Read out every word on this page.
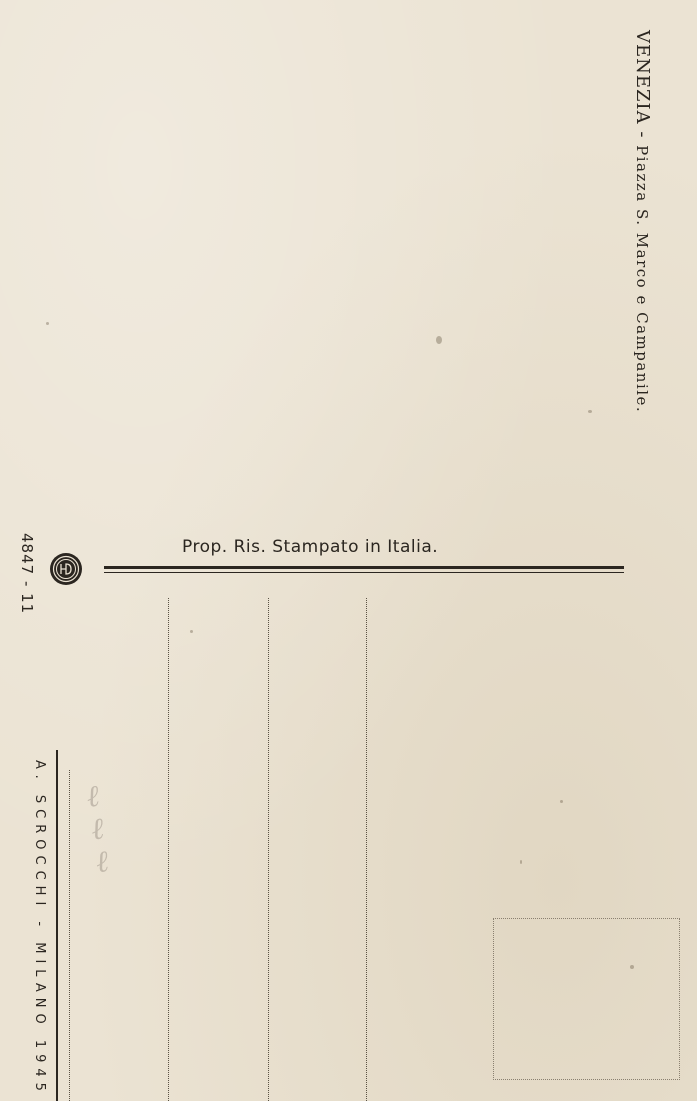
VENEZIA - Piazza S. Marco e Campanile.
Prop. Ris. Stampato in Italia.
4847 - 11
A. SCROCCHI - MILANO 1945 ℓℓℓ
